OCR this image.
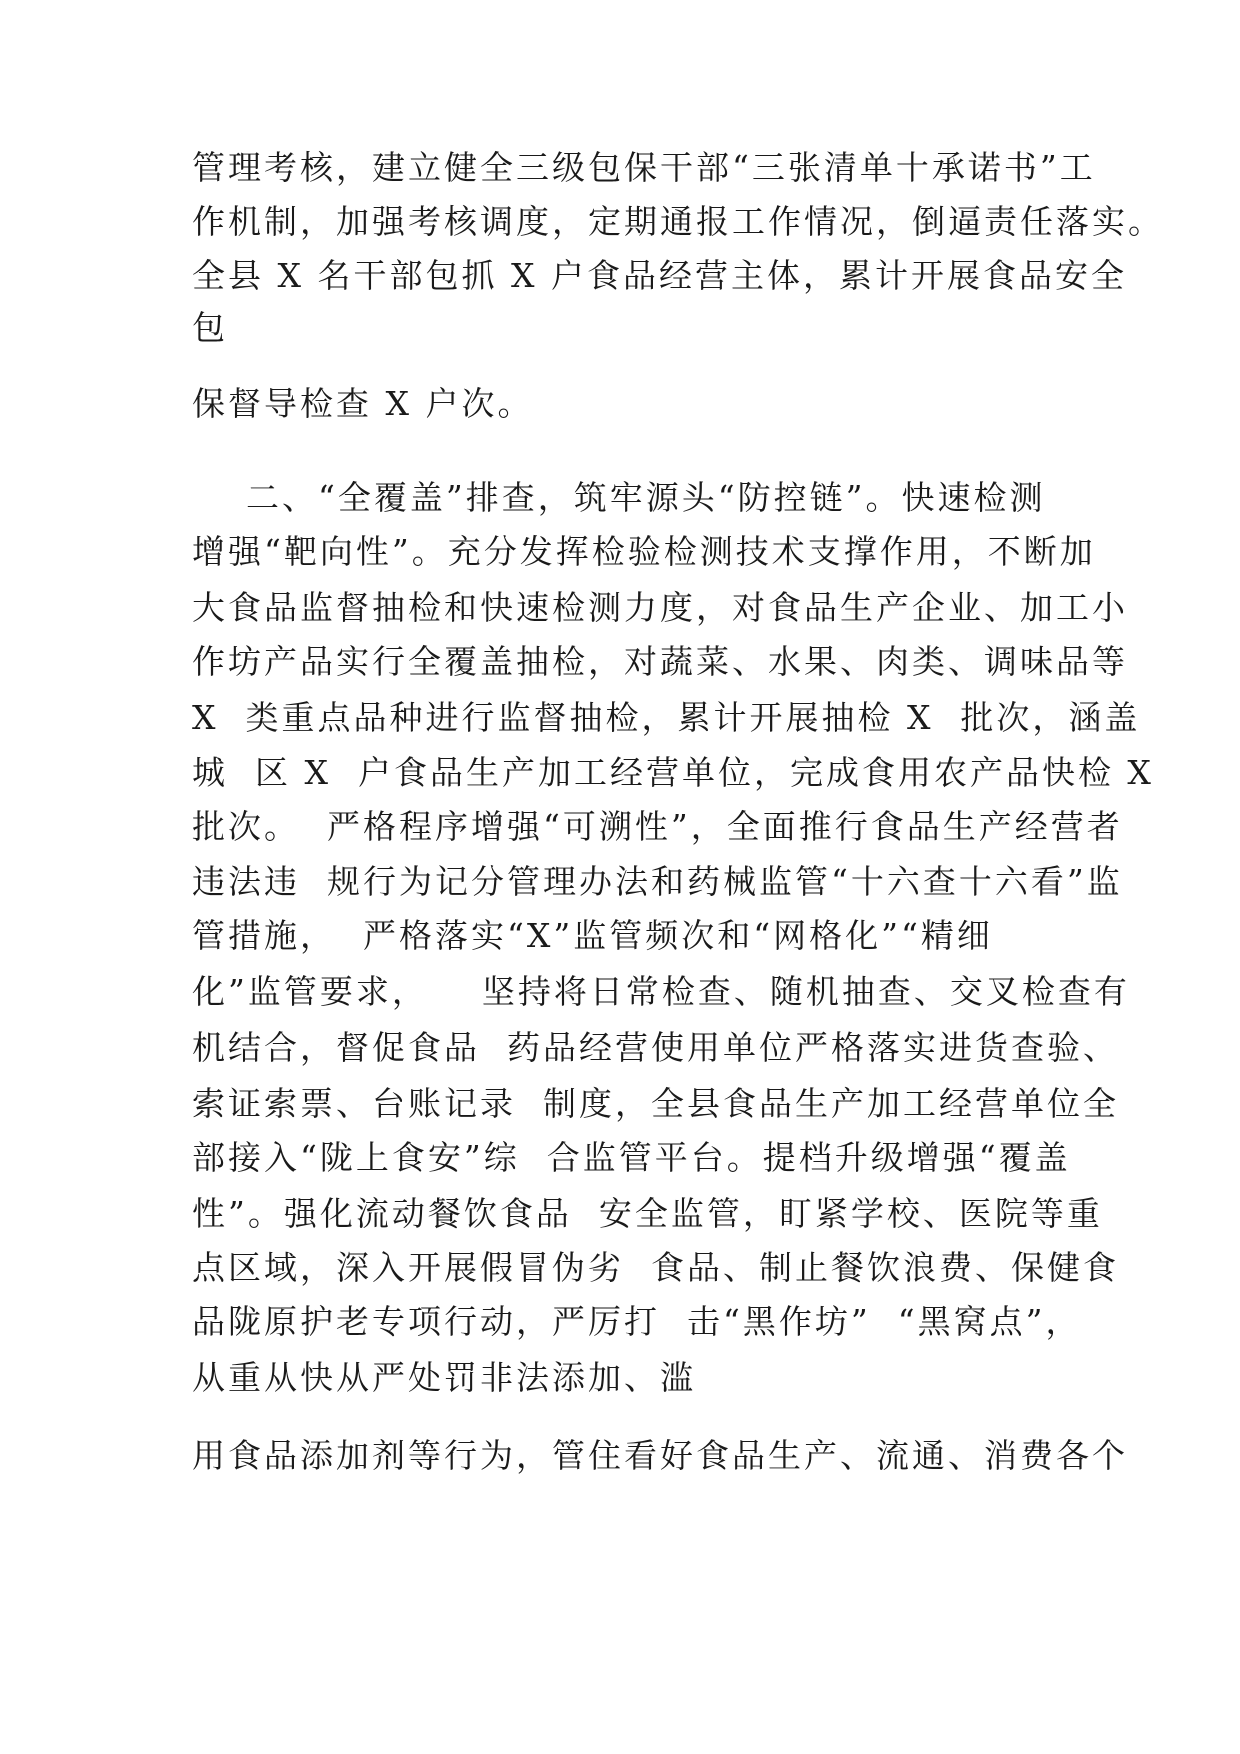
管理考核，建立健全三级包保干部“三张清单十承诺书”工
作机制，加强考核调度，定期通报工作情况，倒逼责任落实。
全县 X 名干部包抓 X 户食品经营主体，累计开展食品安全
包
保督导检查 X 户次。
二、“全覆盖”排查，筑牢源头“防控链”。快速检测
增强“靶向性”。充分发挥检验检测技术支撑作用，不断加
大食品监督抽检和快速检测力度，对食品生产企业、加工小
作坊产品实行全覆盖抽检，对蔬菜、水果、肉类、调味品等
X  类重点品种进行监督抽检，累计开展抽检 X  批次，涵盖
城  区 X  户食品生产加工经营单位，完成食用农产品快检 X
批次。  严格程序增强“可溯性”，全面推行食品生产经营者
违法违  规行为记分管理办法和药械监管“十六查十六看”监
管措施，  严格落实“X”监管频次和“网格化”“精细
化”监管要求，    坚持将日常检查、随机抽查、交叉检查有
机结合，督促食品  药品经营使用单位严格落实进货查验、
索证索票、台账记录  制度，全县食品生产加工经营单位全
部接入“陇上食安”综  合监管平台。提档升级增强“覆盖
性”。强化流动餐饮食品  安全监管，盯紧学校、医院等重
点区域，深入开展假冒伪劣  食品、制止餐饮浪费、保健食
品陇原护老专项行动，严厉打  击“黑作坊”  “黑窝点”，
从重从快从严处罚非法添加、滥
用食品添加剂等行为，管住看好食品生产、流通、消费各个
